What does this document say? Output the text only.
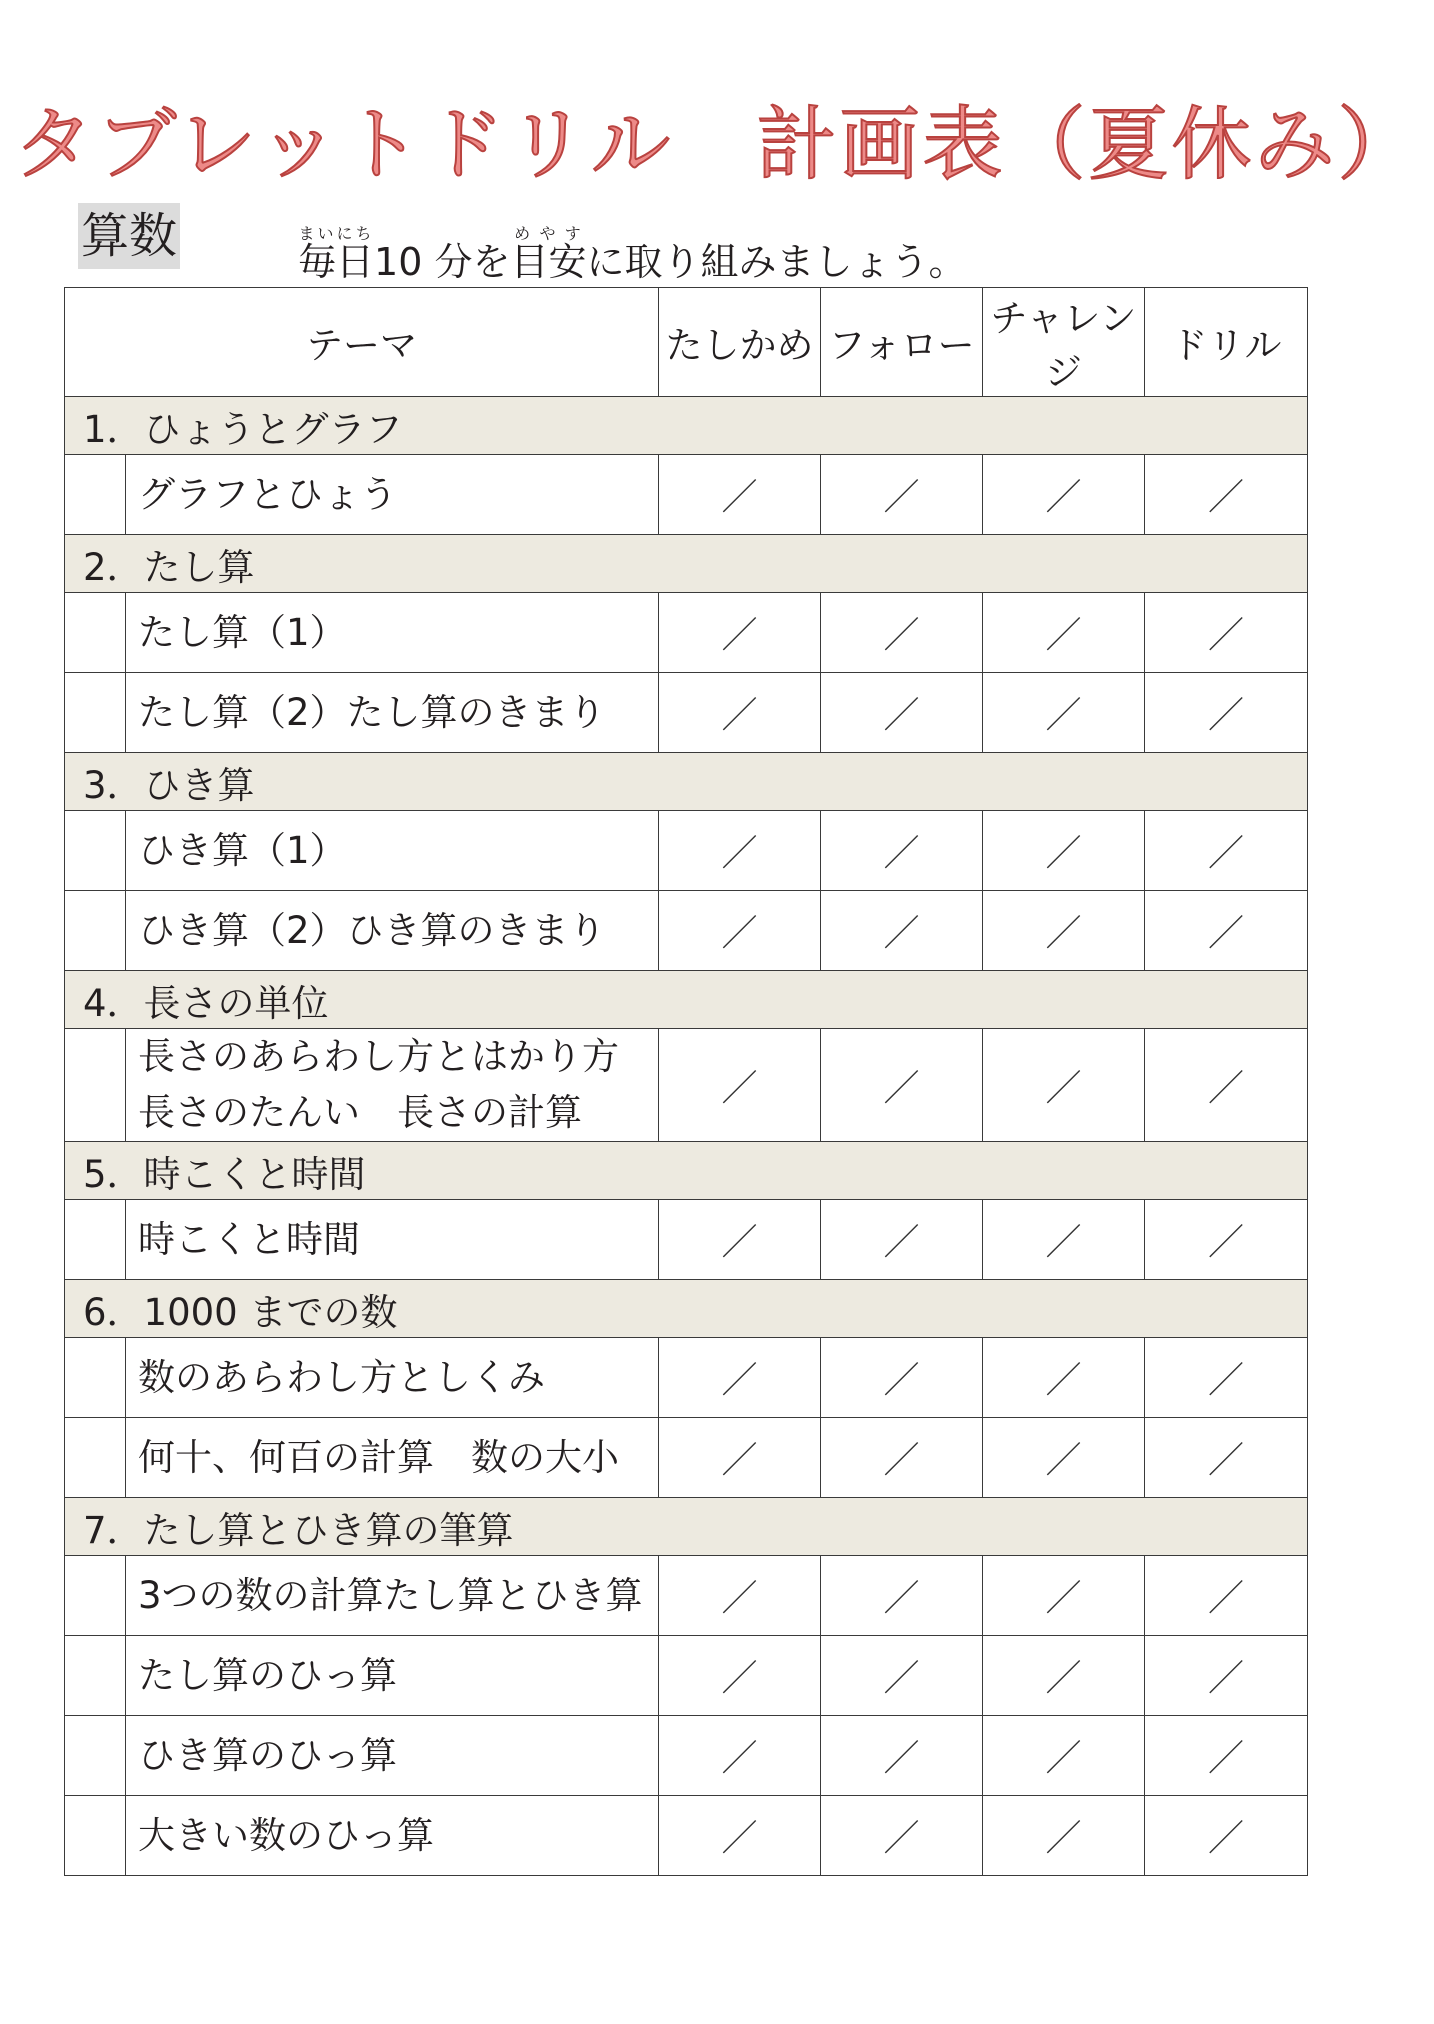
タブレットドリル　計画表（夏休み）
算数	毎日まいにち10 分を目安めやすに取り組みましょう。
テーマ		たしかめ	フォロー	チャレンジ	ドリル
1．ひょうとグラフ					

	グラフとひょう	／	／	／	／
2．たし算					

	たし算（1）	／	／	／	／

	たし算（2）たし算のきまり	／	／	／	／
3．ひき算					

	ひき算（1）	／	／	／	／

	ひき算（2）ひき算のきまり	／	／	／	／
4．長さの単位					

	長さのあらわし方とはかり方
長さのたんい　長さの計算	／	／	／	／
5．時こくと時間					

	時こくと時間	／	／	／	／
6．1000 までの数					

	数のあらわし方としくみ	／	／	／	／

	何十、何百の計算　数の大小	／	／	／	／
7．たし算とひき算の筆算					

	3つの数の計算たし算とひき算	／	／	／	／

	たし算のひっ算	／	／	／	／

	ひき算のひっ算	／	／	／	／

	大きい数のひっ算	／	／	／	／
